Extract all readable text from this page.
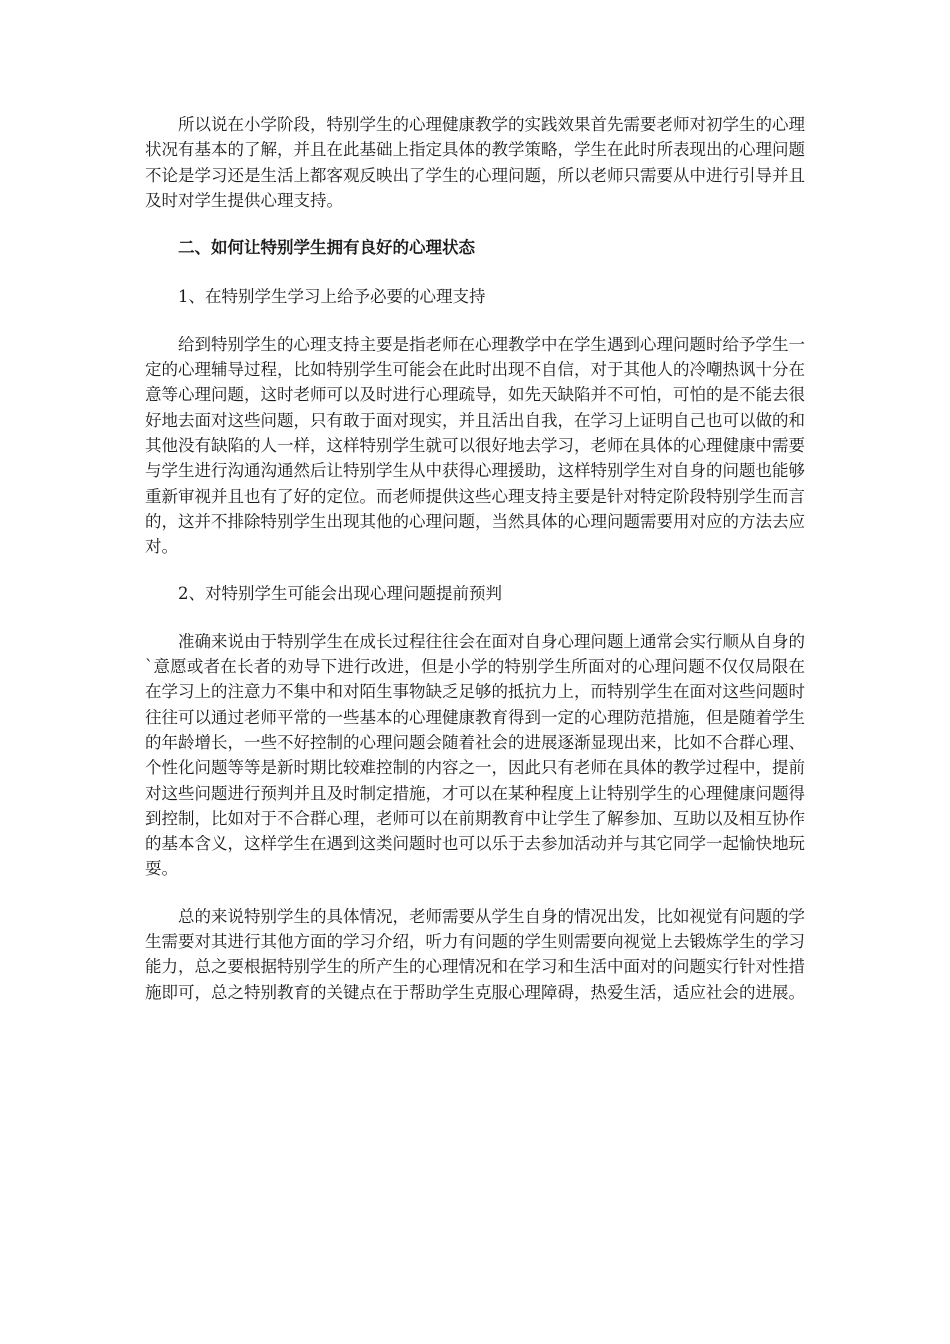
所以说在小学阶段，特别学生的心理健康教学的实践效果首先需要老师对初学生的心理状况有基本的了解，并且在此基础上指定具体的教学策略，学生在此时所表现出的心理问题不论是学习还是生活上都客观反映出了学生的心理问题，所以老师只需要从中进行引导并且及时对学生提供心理支持。

二、如何让特别学生拥有良好的心理状态

1、在特别学生学习上给予必要的心理支持

给到特别学生的心理支持主要是指老师在心理教学中在学生遇到心理问题时给予学生一定的心理辅导过程，比如特别学生可能会在此时出现不自信，对于其他人的冷嘲热讽十分在意等心理问题，这时老师可以及时进行心理疏导，如先天缺陷并不可怕，可怕的是不能去很好地去面对这些问题，只有敢于面对现实，并且活出自我，在学习上证明自己也可以做的和其他没有缺陷的人一样，这样特别学生就可以很好地去学习，老师在具体的心理健康中需要与学生进行沟通沟通然后让特别学生从中获得心理援助，这样特别学生对自身的问题也能够重新审视并且也有了好的定位。而老师提供这些心理支持主要是针对特定阶段特别学生而言的，这并不排除特别学生出现其他的心理问题，当然具体的心理问题需要用对应的方法去应对。

2、对特别学生可能会出现心理问题提前预判

准确来说由于特别学生在成长过程往往会在面对自身心理问题上通常会实行顺从自身的`意愿或者在长者的劝导下进行改进，但是小学的特别学生所面对的心理问题不仅仅局限在在学习上的注意力不集中和对陌生事物缺乏足够的抵抗力上，而特别学生在面对这些问题时往往可以通过老师平常的一些基本的心理健康教育得到一定的心理防范措施，但是随着学生的年龄增长，一些不好控制的心理问题会随着社会的进展逐渐显现出来，比如不合群心理、个性化问题等等是新时期比较难控制的内容之一，因此只有老师在具体的教学过程中，提前对这些问题进行预判并且及时制定措施，才可以在某种程度上让特别学生的心理健康问题得到控制，比如对于不合群心理，老师可以在前期教育中让学生了解参加、互助以及相互协作的基本含义，这样学生在遇到这类问题时也可以乐于去参加活动并与其它同学一起愉快地玩耍。

总的来说特别学生的具体情况，老师需要从学生自身的情况出发，比如视觉有问题的学生需要对其进行其他方面的学习介绍，听力有问题的学生则需要向视觉上去锻炼学生的学习能力，总之要根据特别学生的所产生的心理情况和在学习和生活中面对的问题实行针对性措施即可，总之特别教育的关键点在于帮助学生克服心理障碍，热爱生活，适应社会的进展。
